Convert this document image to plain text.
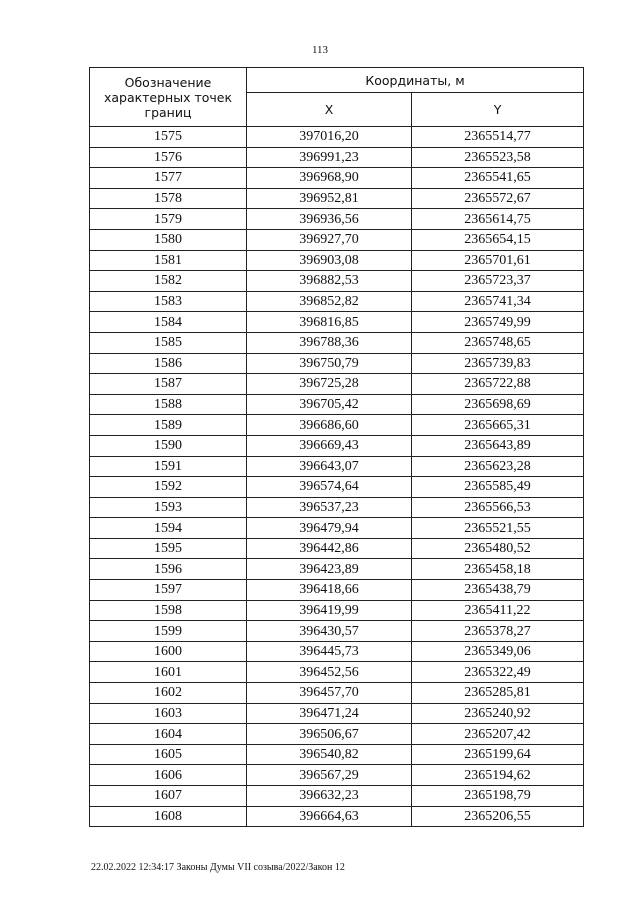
113
Обозначение
характерных точек
границ	Координаты, м	
	X	Y
1575	397016,20	2365514,77
1576	396991,23	2365523,58
1577	396968,90	2365541,65
1578	396952,81	2365572,67
1579	396936,56	2365614,75
1580	396927,70	2365654,15
1581	396903,08	2365701,61
1582	396882,53	2365723,37
1583	396852,82	2365741,34
1584	396816,85	2365749,99
1585	396788,36	2365748,65
1586	396750,79	2365739,83
1587	396725,28	2365722,88
1588	396705,42	2365698,69
1589	396686,60	2365665,31
1590	396669,43	2365643,89
1591	396643,07	2365623,28
1592	396574,64	2365585,49
1593	396537,23	2365566,53
1594	396479,94	2365521,55
1595	396442,86	2365480,52
1596	396423,89	2365458,18
1597	396418,66	2365438,79
1598	396419,99	2365411,22
1599	396430,57	2365378,27
1600	396445,73	2365349,06
1601	396452,56	2365322,49
1602	396457,70	2365285,81
1603	396471,24	2365240,92
1604	396506,67	2365207,42
1605	396540,82	2365199,64
1606	396567,29	2365194,62
1607	396632,23	2365198,79
1608	396664,63	2365206,55
22.02.2022 12:34:17 Законы Думы VII созыва/2022/Закон 12
